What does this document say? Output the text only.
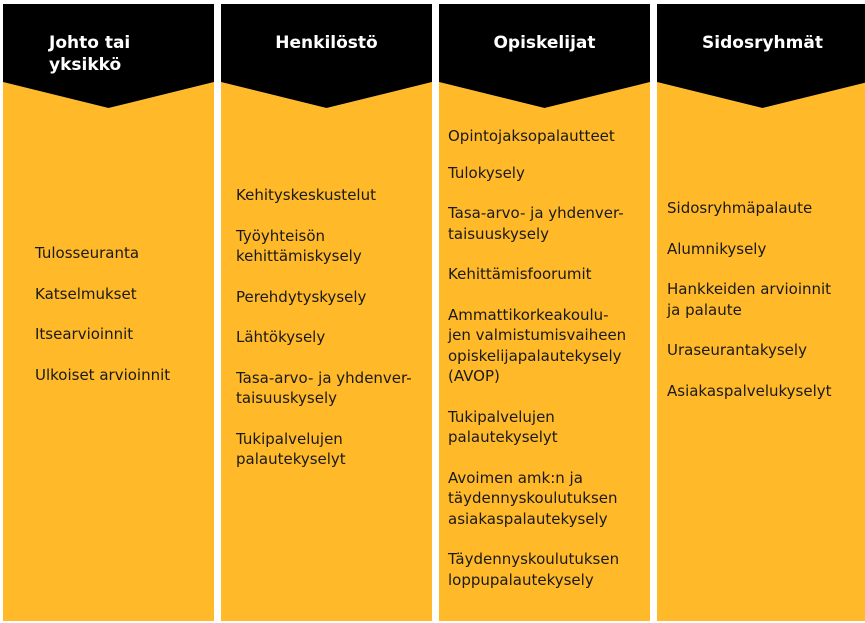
Johto tai
yksikkö
Tulosseuranta
Katselmukset
Itsearvioinnit
Ulkoiset arvioinnit
Henkilöstö
Kehityskeskustelut
Työyhteisön
kehittämiskysely
Perehdytyskysely
Lähtökysely
Tasa-arvo- ja yhdenver-
taisuuskysely
Tukipalvelujen
palautekyselyt
Opiskelijat
Opintojaksopalautteet
Tulokysely
Tasa-arvo- ja yhdenver-
taisuuskysely
Kehittämisfoorumit
Ammattikorkeakoulu-
jen valmistumisvaiheen
opiskelijapalautekysely
(AVOP)
Tukipalvelujen
palautekyselyt
Avoimen amk:n ja
täydennyskoulutuksen
asiakaspalautekysely
Täydennyskoulutuksen
loppupalautekysely
Sidosryhmät
Sidosryhmäpalaute
Alumnikysely
Hankkeiden arvioinnit
ja palaute
Uraseurantakysely
Asiakaspalvelukyselyt
